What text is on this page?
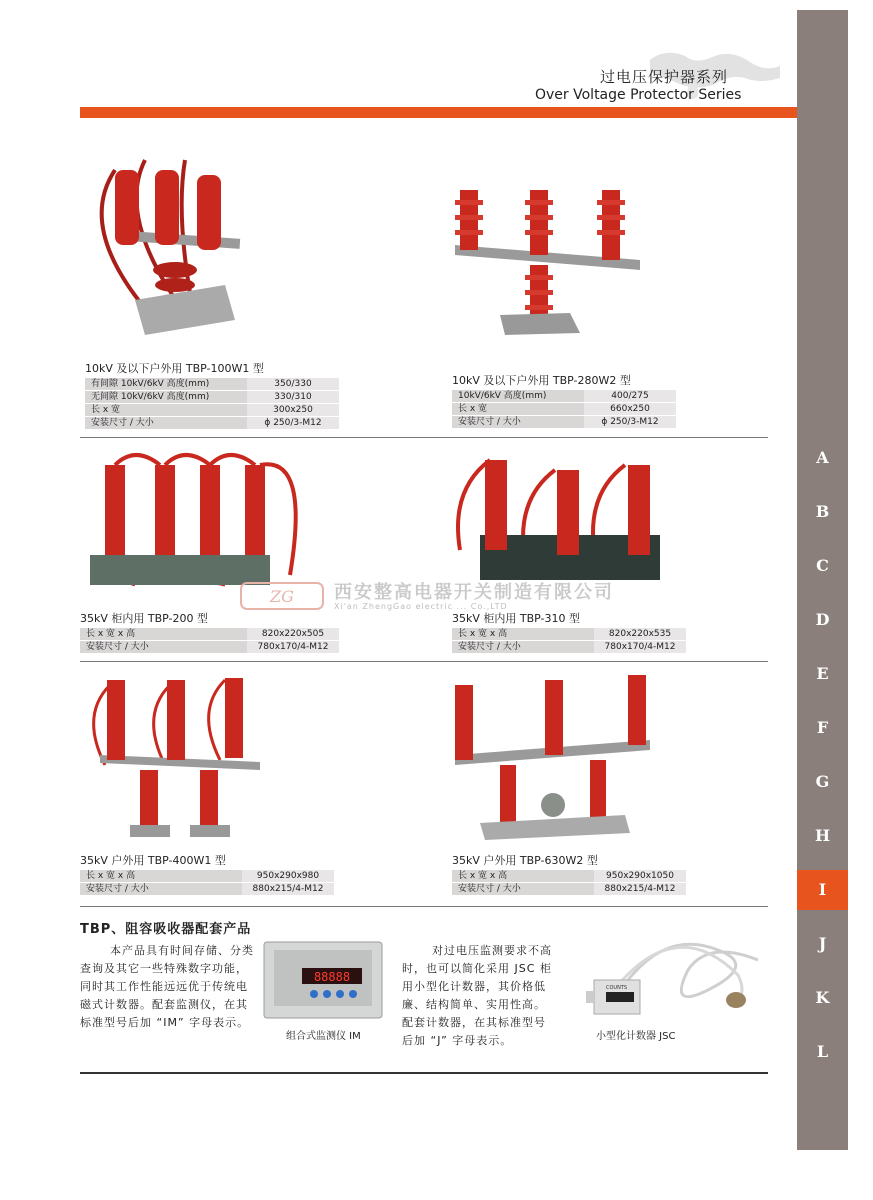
过电压保护器系列
Over Voltage Protector Series
A
B
C
D
E
F
G
H
I
J
K
L
ZG 西安整高电器开关制造有限公司
Xi'an ZhengGao electric ... Co.,LTD
10kV 及以下户外用 TBP-100W1 型
有间隙 10kV/6kV 高度(mm)	350/330
无间隙 10kV/6kV 高度(mm)	330/310
长 x 宽	300x250
安装尺寸 / 大小	ϕ 250/3-M12
10kV 及以下户外用 TBP-280W2 型
10kV/6kV 高度(mm)	400/275
长 x 宽	660x250
安装尺寸 / 大小	ϕ 250/3-M12
35kV 柜内用 TBP-200 型
长 x 宽 x 高	820x220x505
安装尺寸 / 大小	780x170/4-M12
35kV 柜内用 TBP-310 型
长 x 宽 x 高	820x220x535
安装尺寸 / 大小	780x170/4-M12
35kV 户外用 TBP-400W1 型
长 x 宽 x 高	950x290x980
安装尺寸 / 大小	880x215/4-M12
35kV 户外用 TBP-630W2 型
长 x 宽 x 高	950x290x1050
安装尺寸 / 大小	880x215/4-M12
TBP、阻容吸收器配套产品
本产品具有时间存储、分类查询及其它一些特殊数字功能，同时其工作性能远远优于传统电磁式计数器。配套监测仪，在其标准型号后加 “IM” 字母表示。
88888
组合式监测仪 IM
对过电压监测要求不高时，也可以简化采用 JSC 柜用小型化计数器，其价格低廉、结构简单、实用性高。配套计数器，在其标准型号后加 “J” 字母表示。
COUNTS
小型化计数器 JSC
